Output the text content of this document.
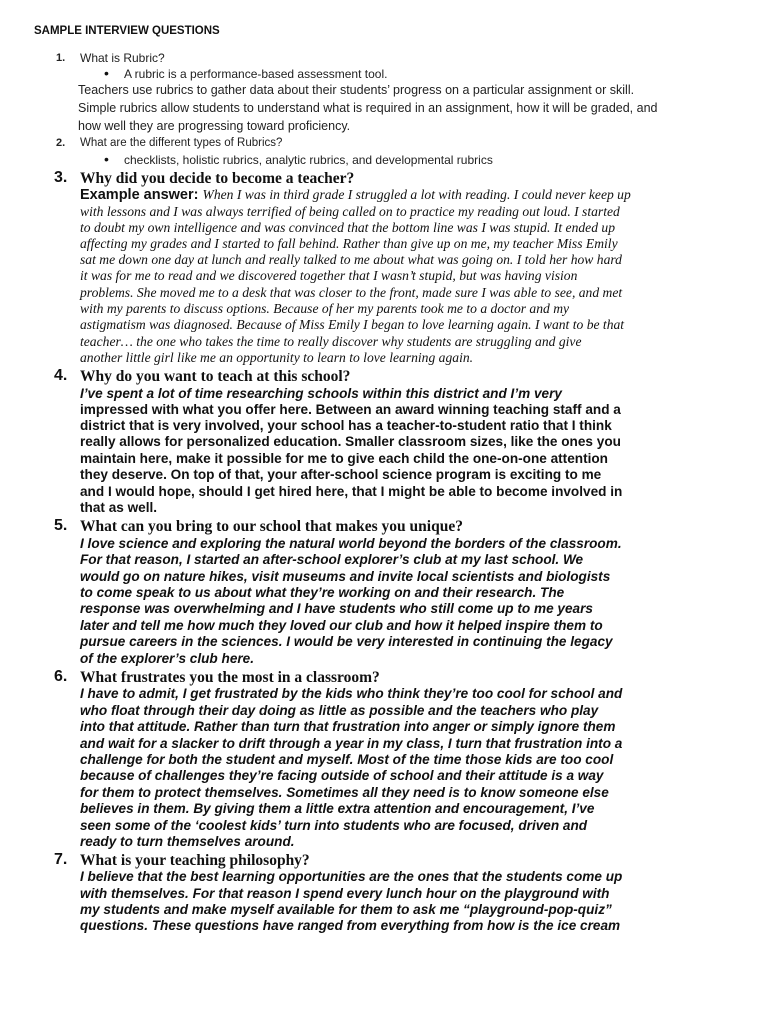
SAMPLE INTERVIEW QUESTIONS
1. What is Rubric?
• A rubric is a performance-based assessment tool.
Teachers use rubrics to gather data about their students’ progress on a particular assignment or skill.
Simple rubrics allow students to understand what is required in an assignment, how it will be graded, and
how well they are progressing toward proficiency.
2. What are the different types of Rubrics?
• checklists, holistic rubrics, analytic rubrics, and developmental rubrics
3. Why did you decide to become a teacher?
Example answer: When I was in third grade I struggled a lot with reading. I could never keep up
with lessons and I was always terrified of being called on to practice my reading out loud. I started
to doubt my own intelligence and was convinced that the bottom line was I was stupid. It ended up
affecting my grades and I started to fall behind. Rather than give up on me, my teacher Miss Emily
sat me down one day at lunch and really talked to me about what was going on. I told her how hard
it was for me to read and we discovered together that I wasn’t stupid, but was having vision
problems. She moved me to a desk that was closer to the front, made sure I was able to see, and met
with my parents to discuss options. Because of her my parents took me to a doctor and my
astigmatism was diagnosed. Because of Miss Emily I began to love learning again. I want to be that
teacher… the one who takes the time to really discover why students are struggling and give
another little girl like me an opportunity to learn to love learning again.
4. Why do you want to teach at this school?
I’ve spent a lot of time researching schools within this district and I’m very
impressed with what you offer here. Between an award winning teaching staff and a
district that is very involved, your school has a teacher-to-student ratio that I think
really allows for personalized education. Smaller classroom sizes, like the ones you
maintain here, make it possible for me to give each child the one-on-one attention
they deserve. On top of that, your after-school science program is exciting to me
and I would hope, should I get hired here, that I might be able to become involved in
that as well.
5. What can you bring to our school that makes you unique?
I love science and exploring the natural world beyond the borders of the classroom.
For that reason, I started an after-school explorer’s club at my last school. We
would go on nature hikes, visit museums and invite local scientists and biologists
to come speak to us about what they’re working on and their research. The
response was overwhelming and I have students who still come up to me years
later and tell me how much they loved our club and how it helped inspire them to
pursue careers in the sciences. I would be very interested in continuing the legacy
of the explorer’s club here.
6. What frustrates you the most in a classroom?
I have to admit, I get frustrated by the kids who think they’re too cool for school and
who float through their day doing as little as possible and the teachers who play
into that attitude. Rather than turn that frustration into anger or simply ignore them
and wait for a slacker to drift through a year in my class, I turn that frustration into a
challenge for both the student and myself. Most of the time those kids are too cool
because of challenges they’re facing outside of school and their attitude is a way
for them to protect themselves. Sometimes all they need is to know someone else
believes in them. By giving them a little extra attention and encouragement, I’ve
seen some of the ‘coolest kids’ turn into students who are focused, driven and
ready to turn themselves around.
7. What is your teaching philosophy?
I believe that the best learning opportunities are the ones that the students come up
with themselves. For that reason I spend every lunch hour on the playground with
my students and make myself available for them to ask me “playground-pop-quiz”
questions. These questions have ranged from everything from how is the ice cream
